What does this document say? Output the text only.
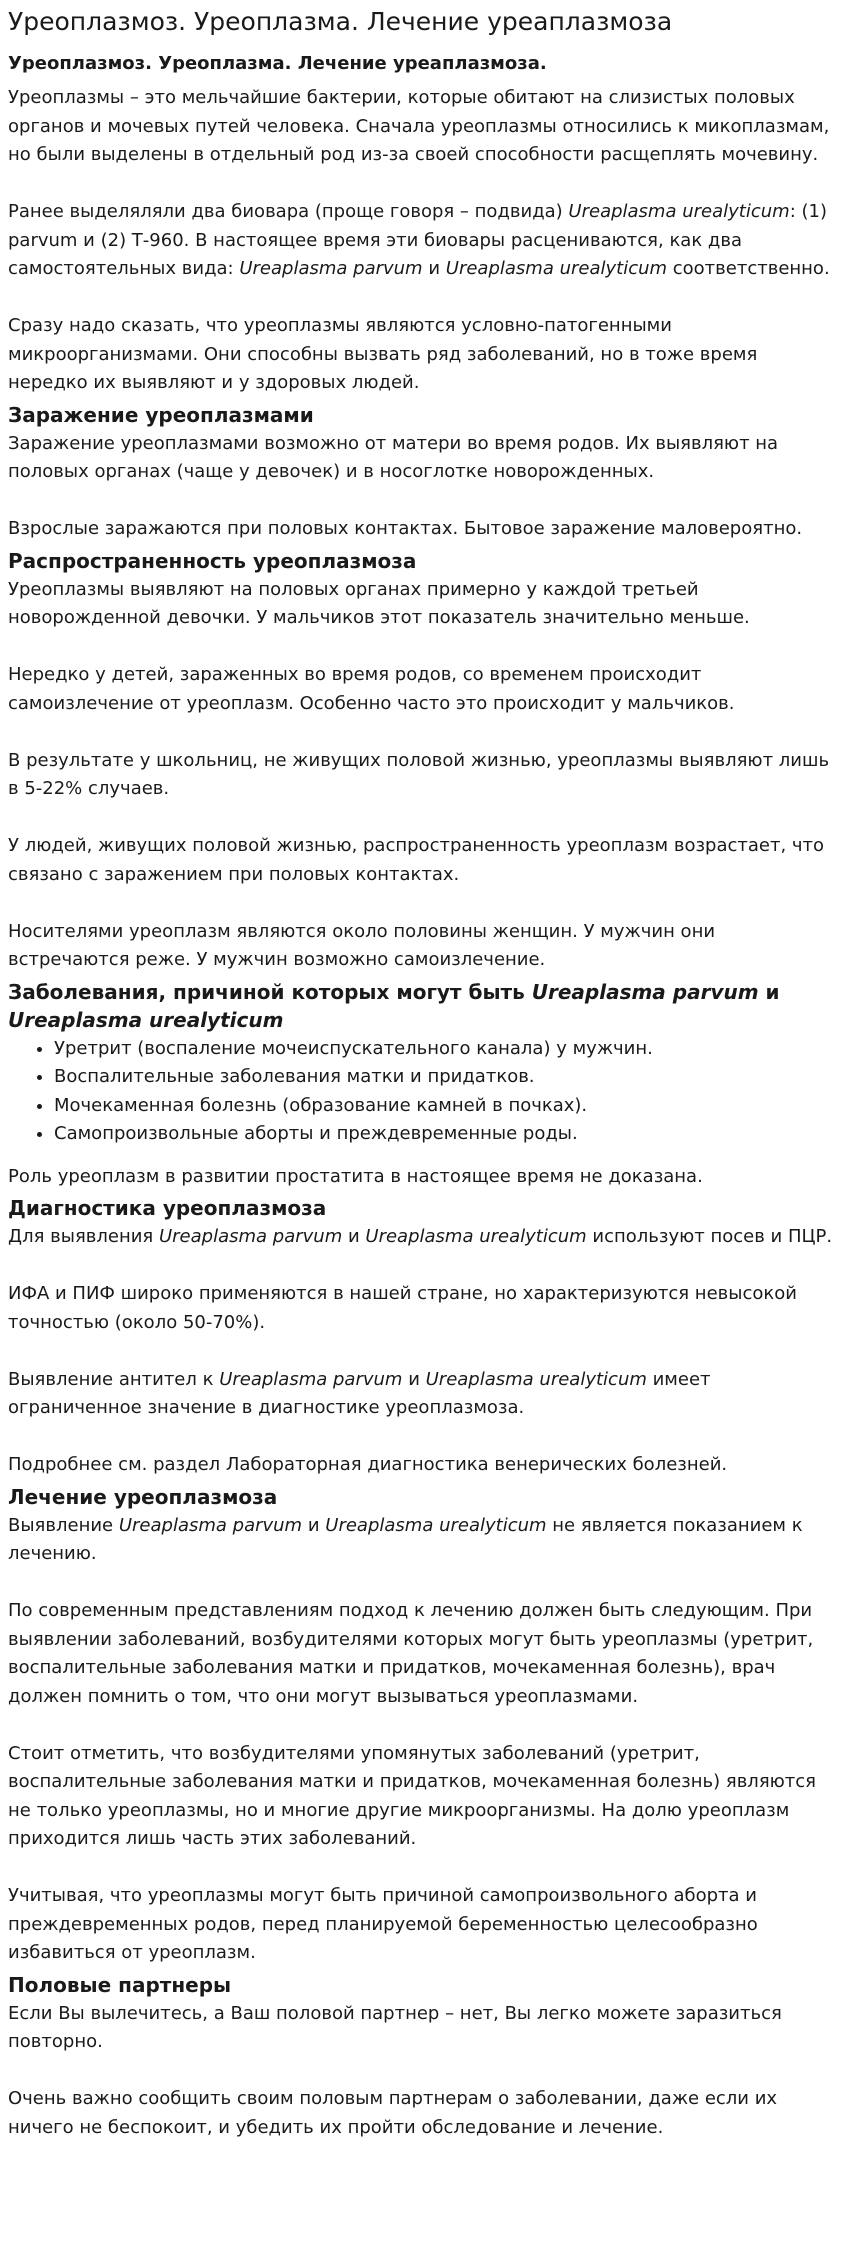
Уреоплазмоз. Уреоплазма. Лечение уреаплазмоза
Уреоплазмоз. Уреоплазма. Лечение уреаплазмоза.

Уреоплазмы – это мельчайшие бактерии, которые обитают на слизистых половых органов и мочевых путей человека. Сначала уреоплазмы относились к микоплазмам, но были выделены в отдельный род из-за своей способности расщеплять мочевину.

Ранее выделяляли два биовара (проще говоря – подвида) Ureaplasma urealyticum: (1) parvum и (2) Т-960. В настоящее время эти биовары расцениваются, как два самостоятельных вида: Ureaplasma parvum и Ureaplasma urealyticum соответственно.

Сразу надо сказать, что уреоплазмы являются условно-патогенными микроорганизмами. Они способны вызвать ряд заболеваний, но в тоже время нередко их выявляют и у здоровых людей.

Заражение уреоплазмами

Заражение уреоплазмами возможно от матери во время родов. Их выявляют на половых органах (чаще у девочек) и в носоглотке новорожденных.

Взрослые заражаются при половых контактах. Бытовое заражение маловероятно.

Распространенность уреоплазмоза

Уреоплазмы выявляют на половых органах примерно у каждой третьей новорожденной девочки. У мальчиков этот показатель значительно меньше.

Нередко у детей, зараженных во время родов, со временем происходит самоизлечение от уреоплазм. Особенно часто это происходит у мальчиков.

В результате у школьниц, не живущих половой жизнью, уреоплазмы выявляют лишь в 5-22% случаев.

У людей, живущих половой жизнью, распространенность уреоплазм возрастает, что связано с заражением при половых контактах.

Носителями уреоплазм являются около половины женщин. У мужчин они встречаются реже. У мужчин возможно самоизлечение.

Заболевания, причиной которых могут быть Ureaplasma parvum и Ureaplasma urealyticum
• Уретрит (воспаление мочеиспускательного канала) у мужчин.
• Воспалительные заболевания матки и придатков.
• Мочекаменная болезнь (образование камней в почках).
• Самопроизвольные аборты и преждевременные роды.

Роль уреоплазм в развитии простатита в настоящее время не доказана.

Диагностика уреоплазмоза

Для выявления Ureaplasma parvum и Ureaplasma urealyticum используют посев и ПЦР.

ИФА и ПИФ широко применяются в нашей стране, но характеризуются невысокой точностью (около 50-70%).

Выявление антител к Ureaplasma parvum и Ureaplasma urealyticum имеет ограниченное значение в диагностике уреоплазмоза.

Подробнее см. раздел Лабораторная диагностика венерических болезней.

Лечение уреоплазмоза

Выявление Ureaplasma parvum и Ureaplasma urealyticum не является показанием к лечению.

По современным представлениям подход к лечению должен быть следующим. При выявлении заболеваний, возбудителями которых могут быть уреоплазмы (уретрит, воспалительные заболевания матки и придатков, мочекаменная болезнь), врач должен помнить о том, что они могут вызываться уреоплазмами.

Стоит отметить, что возбудителями упомянутых заболеваний (уретрит, воспалительные заболевания матки и придатков, мочекаменная болезнь) являются не только уреоплазмы, но и многие другие микроорганизмы. На долю уреоплазм приходится лишь часть этих заболеваний.

Учитывая, что уреоплазмы могут быть причиной самопроизвольного аборта и преждевременных родов, перед планируемой беременностью целесообразно избавиться от уреоплазм.

Половые партнеры

Если Вы вылечитесь, а Ваш половой партнер – нет, Вы легко можете заразиться повторно.

Очень важно сообщить своим половым партнерам о заболевании, даже если их ничего не беспокоит, и убедить их пройти обследование и лечение.
